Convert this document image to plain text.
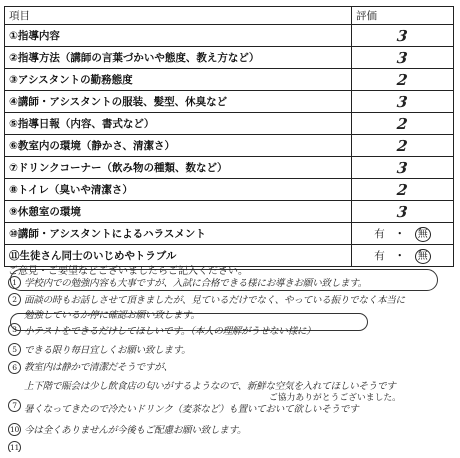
項目	評価
①指導内容	3
②指導方法（講師の言葉づかいや態度、教え方など）	3
③アシスタントの勤務態度	2
④講師・アシスタントの服装、髪型、休臭など	3
⑤指導日報（内容、書式など）	2
⑥教室内の環境（静かさ、清潔さ）	2
⑦ドリンクコーナー（飲み物の種類、数など）	3
⑧トイレ（臭いや清潔さ）	2
⑨休憩室の環境	3
⑩講師・アシスタントによるハラスメント	有 ・ 無
⑪生徒さん同士のいじめやトラブル	有 ・ 無
ご意見・ご要望などございましたらご記入ください。
1 学校内での勉強内容も大事ですが、入試に合格できる様にお導きお願い致します。
2 面談の時もお話しさせて頂きましたが、見ているだけでなく、やっている振りでなく本当に
勉強しているか停に確認お願い致します。
3 小テストをできるだけしてほしいです。（本人の理解がうせない様に）
5 できる限り毎日宜しくお願い致します。
6 教室内は静かで清潔だそうですが、
上下階で賑会は少し飲食店の匂いがするようなので、新鮮な空気を入れてほしいそうです
7 暑くなってきたので冷たいドリンク（麦茶など）も置いておいて欲しいそうです
10 今は全くありませんが今後もご配慮お願い致します。
11
ご協力ありがとうございました。
